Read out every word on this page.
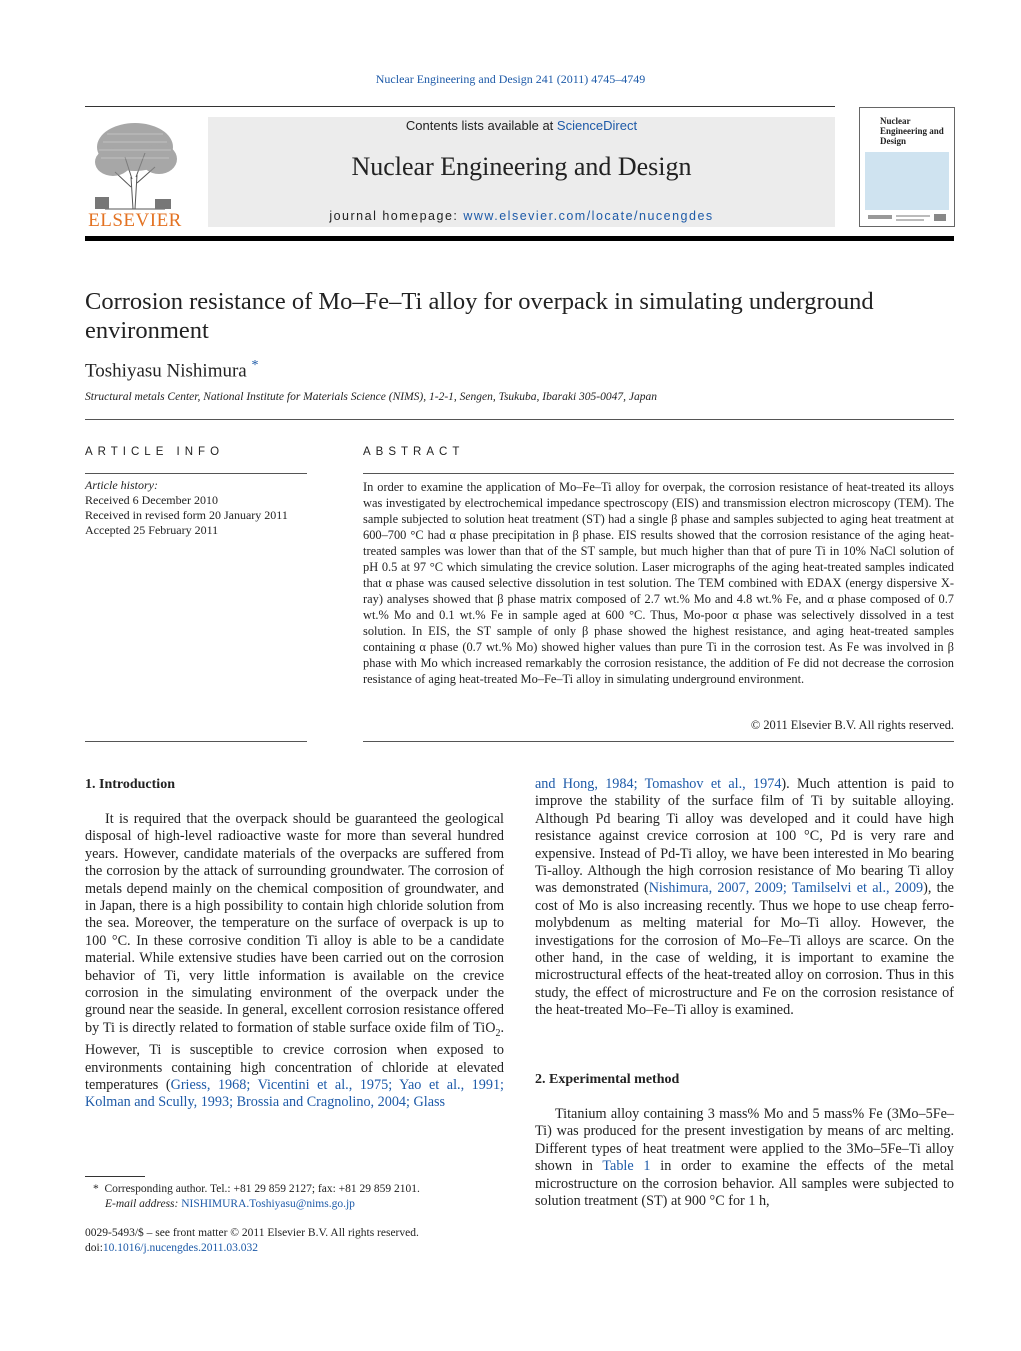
Nuclear Engineering and Design 241 (2011) 4745–4749
ELSEVIER
Contents lists available at ScienceDirect
Nuclear Engineering and Design
journal homepage: www.elsevier.com/locate/nucengdes
Nuclear Engineering and Design
Corrosion resistance of Mo–Fe–Ti alloy for overpack in simulating underground environment
Toshiyasu Nishimura *
Structural metals Center, National Institute for Materials Science (NIMS), 1-2-1, Sengen, Tsukuba, Ibaraki 305-0047, Japan
ARTICLE INFO
Article history:
Received 6 December 2010
Received in revised form 20 January 2011
Accepted 25 February 2011
ABSTRACT

In order to examine the application of Mo–Fe–Ti alloy for overpak, the corrosion resistance of heat-treated its alloys was investigated by electrochemical impedance spectroscopy (EIS) and transmission electron microscopy (TEM). The sample subjected to solution heat treatment (ST) had a single β phase and samples subjected to aging heat treatment at 600–700 °C had α phase precipitation in β phase. EIS results showed that the corrosion resistance of the aging heat-treated samples was lower than that of the ST sample, but much higher than that of pure Ti in 10% NaCl solution of pH 0.5 at 97 °C which simulating the crevice solution. Laser micrographs of the aging heat-treated samples indicated that α phase was caused selective dissolution in test solution. The TEM combined with EDAX (energy dispersive X-ray) analyses showed that β phase matrix composed of 2.7 wt.% Mo and 4.8 wt.% Fe, and α phase composed of 0.7 wt.% Mo and 0.1 wt.% Fe in sample aged at 600 °C. Thus, Mo-poor α phase was selectively dissolved in a test solution. In EIS, the ST sample of only β phase showed the highest resistance, and aging heat-treated samples containing α phase (0.7 wt.% Mo) showed higher values than pure Ti in the corrosion test. As Fe was involved in β phase with Mo which increased remarkably the corrosion resistance, the addition of Fe did not decrease the corrosion resistance of aging heat-treated Mo–Fe–Ti alloy in simulating underground environment.

© 2011 Elsevier B.V. All rights reserved.
1. Introduction

It is required that the overpack should be guaranteed the geological disposal of high-level radioactive waste for more than several hundred years. However, candidate materials of the overpacks are suffered from the corrosion by the attack of surrounding groundwater. The corrosion of metals depend mainly on the chemical composition of groundwater, and in Japan, there is a high possibility to contain high chloride solution from the sea. Moreover, the temperature on the surface of overpack is up to 100 °C. In these corrosive condition Ti alloy is able to be a candidate material. While extensive studies have been carried out on the corrosion behavior of Ti, very little information is available on the crevice corrosion in the simulating environment of the overpack under the ground near the seaside. In general, excellent corrosion resistance offered by Ti is directly related to formation of stable surface oxide film of TiO$_2$. However, Ti is susceptible to crevice corrosion when exposed to environments containing high concentration of chloride at elevated temperatures (Griess, 1968; Vicentini et al., 1975; Yao et al., 1991; Kolman and Scully, 1993; Brossia and Cragnolino, 2004; Glass

and Hong, 1984; Tomashov et al., 1974). Much attention is paid to improve the stability of the surface film of Ti by suitable alloying. Although Pd bearing Ti alloy was developed and it could have high resistance against crevice corrosion at 100 °C, Pd is very rare and expensive. Instead of Pd-Ti alloy, we have been interested in Mo bearing Ti-alloy. Although the high corrosion resistance of Mo bearing Ti alloy was demonstrated (Nishimura, 2007, 2009; Tamilselvi et al., 2009), the cost of Mo is also increasing recently. Thus we hope to use cheap ferro-molybdenum as melting material for Mo–Ti alloy. However, the investigations for the corrosion of Mo–Fe–Ti alloys are scarce. On the other hand, in the case of welding, it is important to examine the microstructural effects of the heat-treated alloy on corrosion. Thus in this study, the effect of microstructure and Fe on the corrosion resistance of the heat-treated Mo–Fe–Ti alloy is examined.

2. Experimental method

Titanium alloy containing 3 mass% Mo and 5 mass% Fe (3Mo–5Fe–Ti) was produced for the present investigation by means of arc melting. Different types of heat treatment were applied to the 3Mo–5Fe–Ti alloy shown in Table 1 in order to examine the effects of the metal microstructure on the corrosion behavior. All samples were subjected to solution treatment (ST) at 900 °C for 1 h,

* Corresponding author. Tel.: +81 29 859 2127; fax: +81 29 859 2101.
E-mail address: NISHIMURA.Toshiyasu@nims.go.jp
0029-5493/$ – see front matter © 2011 Elsevier B.V. All rights reserved.
doi:10.1016/j.nucengdes.2011.03.032
